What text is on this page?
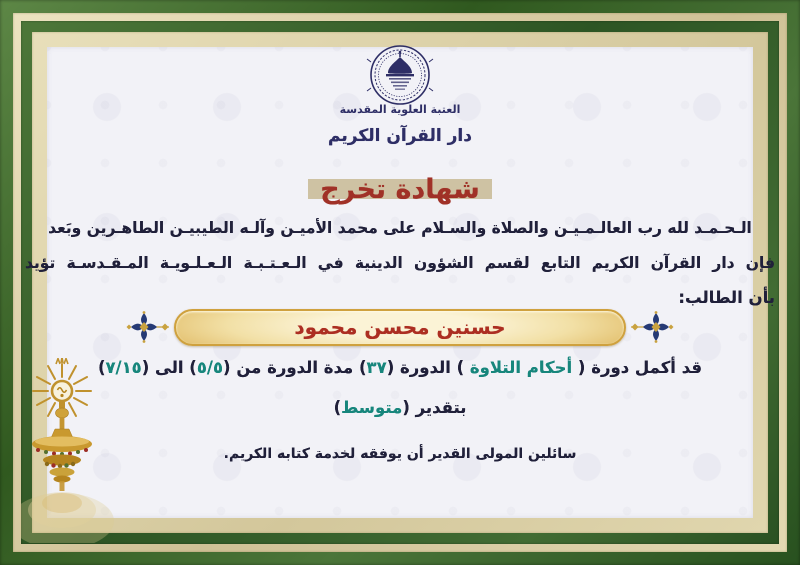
العتبة العلوية المقدسة
دار القرآن الكريم
شهادة تخرج
الـحـمـد لله رب العالـمـيـن والصلاة والسـلام على محمد الأميـن وآلـه الطيبيـن الطاهـرين وبَعد
فإن دار القرآن الكريم التابع لقسم الشؤون الدينية في الـعـتـبـة الـعـلـويـة المـقـدسـة تؤيد
بأن الطالب:
حسنين محسن محمود
قد أكمل دورة ( أحكام التلاوة ) الدورة (٣٧) مدة الدورة من (٥/٥) الى (٧/١٥)
بتقدير (متوسط)
سائلين المولى القدير أن يوفقه لخدمة كتابه الكريم.
